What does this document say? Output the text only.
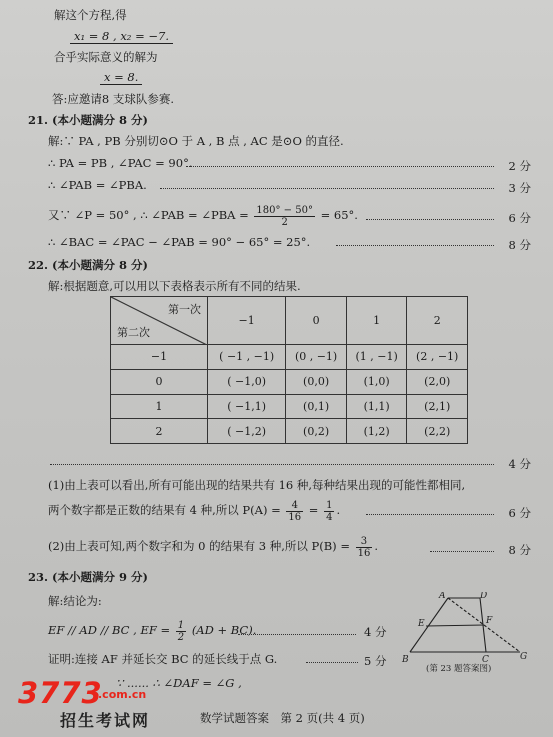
解这个方程,得
x₁ = 8 , x₂ = −7.
合乎实际意义的解为
x = 8.
答:应邀请8 支球队参赛.
21. (本小题满分 8 分)
解:∵ PA , PB 分别切⊙O 于 A , B 点 , AC 是⊙O 的直径.
∴ PA = PB , ∠PAC = 90°.	2 分
∴ ∠PAB = ∠PBA.	3 分
又∵ ∠P = 50° , ∴ ∠PAB = ∠PBA = $\frac{180^\circ - 50^\circ}{2} = 65^\circ$.	6 分
∴ ∠BAC = ∠PAC − ∠PAB = 90° − 65° = 25°.	8 分
22. (本小题满分 8 分)
解:根据题意,可以用以下表格表示所有不同的结果.
第一次
第二次	−1	0	1	2
−1	( −1 , −1)	(0 , −1)	(1 , −1)	(2 , −1)
0	( −1,0)	(0,0)	(1,0)	(2,0)
1	( −1,1)	(0,1)	(1,1)	(2,1)
2	( −1,2)	(0,2)	(1,2)	(2,2)
4 分
(1)由上表可以看出,所有可能出现的结果共有 16 种,每种结果出现的可能性都相同,
两个数字都是正数的结果有 4 种,所以 $P(A) = \frac{4}{16} = \frac{1}{4}$ .	6 分
(2)由上表可知,两个数字和为 0 的结果有 3 种,所以 $P(B) = \frac{3}{16}$ .	8 分
23. (本小题满分 9 分)
解:结论为:
EF // AD // BC , EF = $\frac{1}{2} (AD + BC)$.	4 分
证明:连接 AF 并延长交 BC 的延长线于点 G.	5 分
∵ ...... ∴ ∠DAF = ∠G ,
A	D
E	F
B	C	G
(第 23 题答案图)
3773
.com.cn
招生考试网	数学试题答案　第 2 页(共 4 页)
